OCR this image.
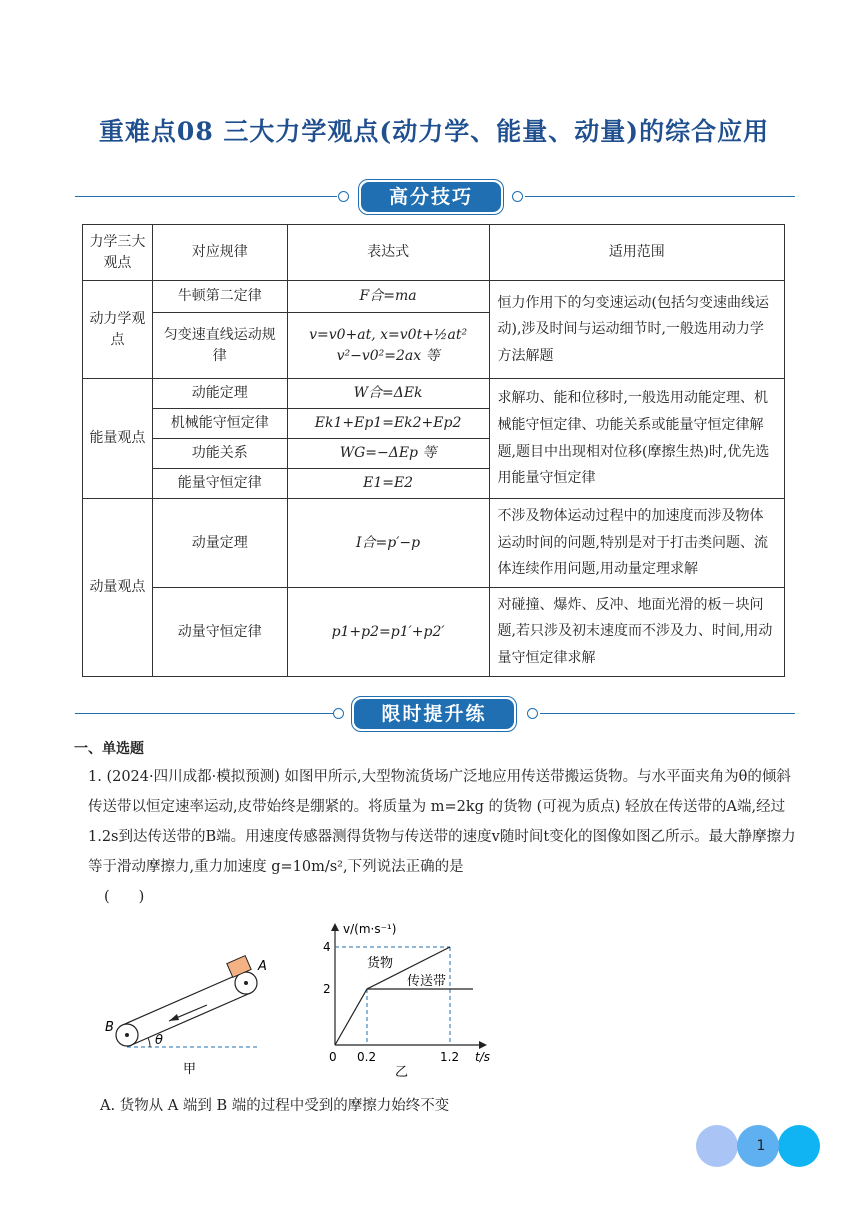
重难点08 三大力学观点(动力学、能量、动量)的综合应用
高分技巧
力学三大观点	对应规律	表达式	适用范围
动力学观点	牛顿第二定律	F合=ma	恒力作用下的匀变速运动(包括匀变速曲线运动),涉及时间与运动细节时,一般选用动力学方法解题
	匀变速直线运动规律	v=v0+at, x=v0t+½at²
v²−v0²=2ax 等	

能量观点	动能定理	W合=ΔEk	求解功、能和位移时,一般选用动能定理、机械能守恒定律、功能关系或能量守恒定律解题,题目中出现相对位移(摩擦生热)时,优先选用能量守恒定律
	机械能守恒定律	Ek1+Ep1=Ek2+Ep2	
	功能关系	WG=−ΔEp 等	
	能量守恒定律	E1=E2	
动量观点	动量定理	I合=p′−p	不涉及物体运动过程中的加速度而涉及物体运动时间的问题,特别是对于打击类问题、流体连续作用问题,用动量定理求解
	动量守恒定律	p1+p2=p1′+p2′	对碰撞、爆炸、反冲、地面光滑的板－块问题,若只涉及初末速度而不涉及力、时间,用动量守恒定律求解
限时提升练
一、单选题
1. (2024·四川成都·模拟预测) 如图甲所示,大型物流货场广泛地应用传送带搬运货物。与水平面夹角为θ的倾斜传送带以恒定速率运动,皮带始终是绷紧的。将质量为 m=2kg 的货物 (可视为质点) 轻放在传送带的A端,经过1.2s到达传送带的B端。用速度传感器测得货物与传送带的速度v随时间t变化的图像如图乙所示。最大静摩擦力等于滑动摩擦力,重力加速度 g=10m/s²,下列说法正确的是
(　　)
A
B
θ
甲
v/(m·s⁻¹)
4
2
0 0.2	1.2 t/s
货物
传送带
乙
A. 货物从 A 端到 B 端的过程中受到的摩擦力始终不变
1
